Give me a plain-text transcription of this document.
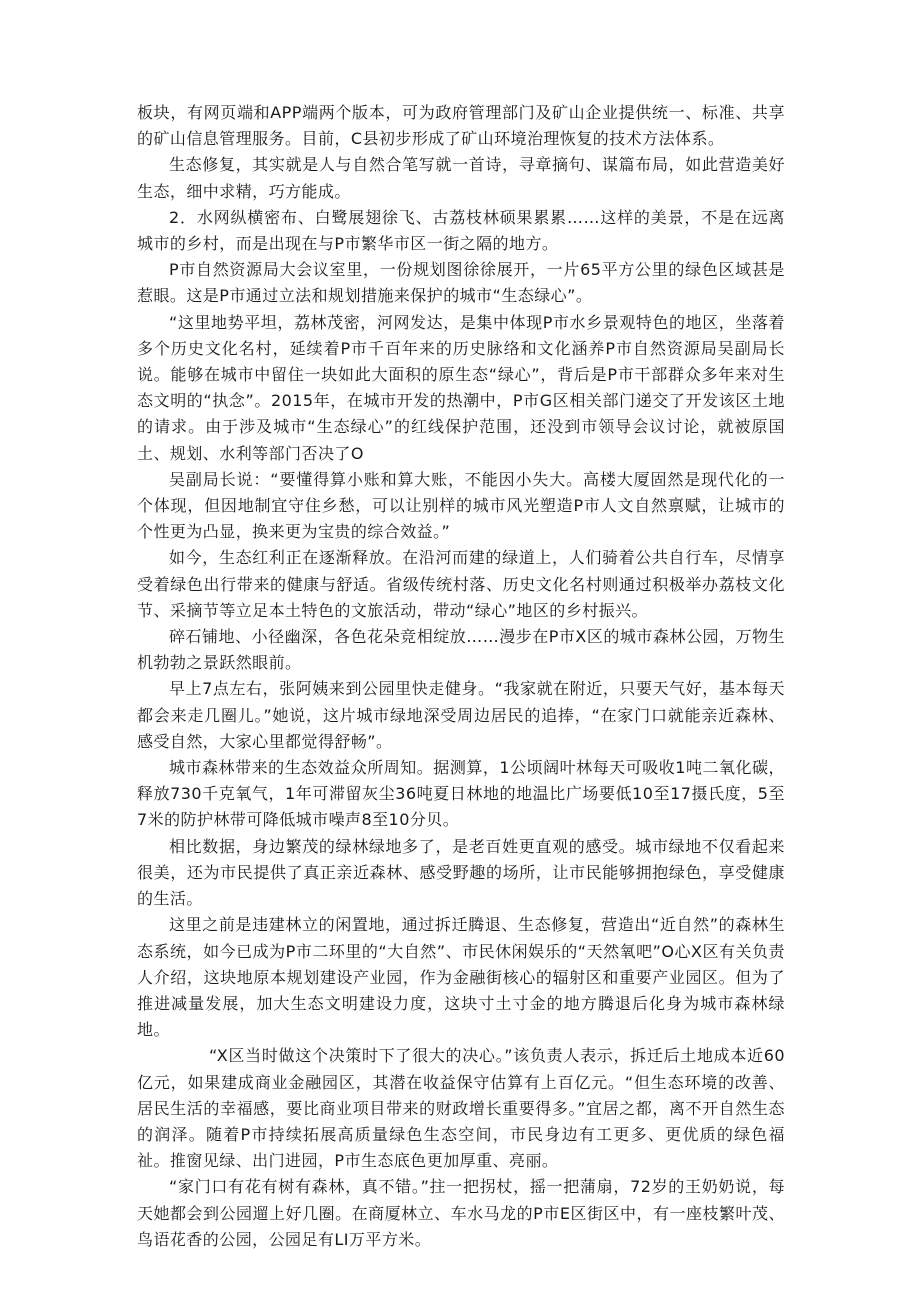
板块，有网页端和APP端两个版本，可为政府管理部门及矿山企业提供统一、标准、共享的矿山信息管理服务。目前，C县初步形成了矿山环境治理恢复的技术方法体系。

生态修复，其实就是人与自然合笔写就一首诗，寻章摘句、谋篇布局，如此营造美好生态，细中求精，巧方能成。

2．水网纵横密布、白鹭展翅徐飞、古荔枝林硕果累累……这样的美景，不是在远离城市的乡村，而是出现在与P市繁华市区一街之隔的地方。

P市自然资源局大会议室里，一份规划图徐徐展开，一片65平方公里的绿色区域甚是惹眼。这是P市通过立法和规划措施来保护的城市“生态绿心”。

“这里地势平坦，荔林茂密，河网发达，是集中体现P市水乡景观特色的地区，坐落着多个历史文化名村，延续着P市千百年来的历史脉络和文化涵养P市自然资源局吴副局长说。能够在城市中留住一块如此大面积的原生态“绿心”，背后是P市干部群众多年来对生态文明的“执念”。2015年，在城市开发的热潮中，P市G区相关部门递交了开发该区土地的请求。由于涉及城市“生态绿心”的红线保护范围，还没到市领导会议讨论，就被原国土、规划、水利等部门否决了O

吴副局长说：“要懂得算小账和算大账，不能因小失大。高楼大厦固然是现代化的一个体现，但因地制宜守住乡愁，可以让别样的城市风光塑造P市人文自然禀赋，让城市的个性更为凸显，换来更为宝贵的综合效益。”

如今，生态红利正在逐渐释放。在沿河而建的绿道上，人们骑着公共自行车，尽情享受着绿色出行带来的健康与舒适。省级传统村落、历史文化名村则通过积极举办荔枝文化节、采摘节等立足本土特色的文旅活动，带动“绿心”地区的乡村振兴。

碎石铺地、小径幽深，各色花朵竞相绽放……漫步在P市X区的城市森林公园，万物生机勃勃之景跃然眼前。

早上7点左右，张阿姨来到公园里快走健身。“我家就在附近，只要天气好，基本每天都会来走几圈儿。”她说，这片城市绿地深受周边居民的追捧，“在家门口就能亲近森林、感受自然，大家心里都觉得舒畅”。

城市森林带来的生态效益众所周知。据测算，1公顷阔叶林每天可吸收1吨二氧化碳，释放730千克氧气，1年可滞留灰尘36吨夏日林地的地温比广场要低10至17摄氏度，5至7米的防护林带可降低城市噪声8至10分贝。

相比数据，身边繁茂的绿林绿地多了，是老百姓更直观的感受。城市绿地不仅看起来很美，还为市民提供了真正亲近森林、感受野趣的场所，让市民能够拥抱绿色，享受健康的生活。

这里之前是违建林立的闲置地，通过拆迁腾退、生态修复，营造出“近自然”的森林生态系统，如今已成为P市二环里的“大自然”、市民休闲娱乐的“天然氧吧”O心X区有关负责人介绍，这块地原本规划建设产业园，作为金融街核心的辐射区和重要产业园区。但为了推进减量发展，加大生态文明建设力度，这块寸土寸金的地方腾退后化身为城市森林绿地。

“X区当时做这个决策时下了很大的决心。”该负责人表示，拆迁后土地成本近60亿元，如果建成商业金融园区，其潜在收益保守估算有上百亿元。“但生态环境的改善、居民生活的幸福感，要比商业项目带来的财政增长重要得多。”宜居之都，离不开自然生态的润泽。随着P市持续拓展高质量绿色生态空间，市民身边有工更多、更优质的绿色福祉。推窗见绿、出门进园，P市生态底色更加厚重、亮丽。

“家门口有花有树有森林，真不错。”拄一把拐杖，摇一把蒲扇，72岁的王奶奶说，每天她都会到公园遛上好几圈。在商厦林立、车水马龙的P市E区街区中，有一座枝繁叶茂、鸟语花香的公园，公园足有LI万平方米。
